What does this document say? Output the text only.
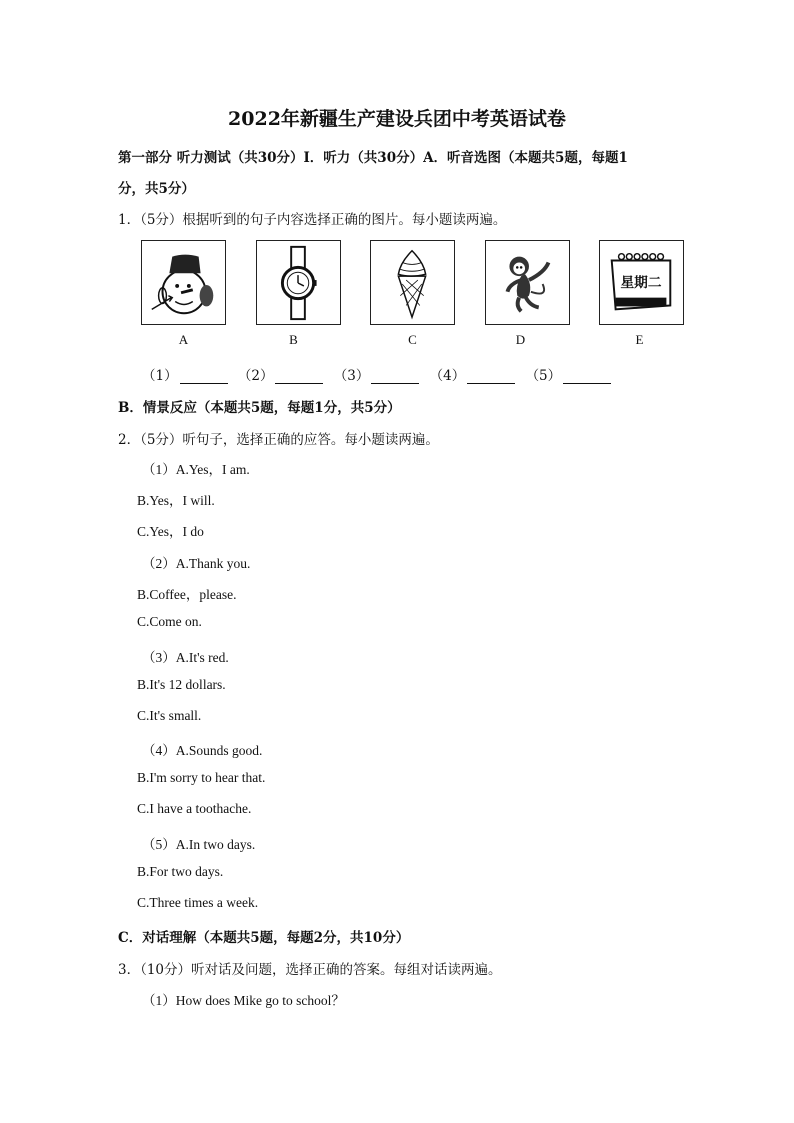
2022年新疆生产建设兵团中考英语试卷
第一部分 听力测试（共30分）Ⅰ．听力（共30分）A．听音选图（本题共5题，每题1
分，共5分）
1．（5分）根据听到的句子内容选择正确的图片。每小题读两遍。
星期二
A	B	C	D	E
（1）	（2）	（3）	（4）	（5）
B．情景反应（本题共5题，每题1分，共5分）
2．（5分）听句子，选择正确的应答。每小题读两遍。
（1）A.Yes，I am.
B.Yes，I will.
C.Yes，I do
（2）A.Thank you.
B.Coffee，please.
C.Come on.
（3）A.It's red.
B.It's 12 dollars.
C.It's small.
（4）A.Sounds good.
B.I'm sorry to hear that.
C.I have a toothache.
（5）A.In two days.
B.For two days.
C.Three times a week.
C．对话理解（本题共5题，每题2分，共10分）
3．（10分）听对话及问题，选择正确的答案。每组对话读两遍。
（1）How does Mike go to school？
